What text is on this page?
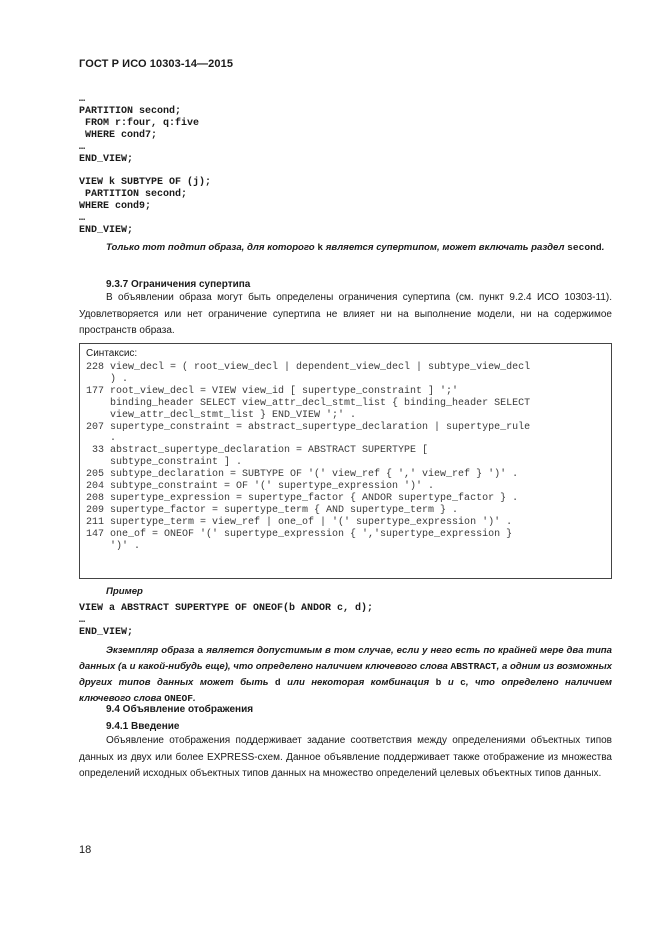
ГОСТ Р ИСО 10303-14—2015
…
PARTITION second;
FROM r:four, q:five
WHERE cond7;
…
END_VIEW;
VIEW k SUBTYPE OF (j);
PARTITION second;
WHERE cond9;
…
END_VIEW;
Только тот подтип образа, для которого k является супертипом, может включать раздел second.
9.3.7 Ограничения супертипа
В объявлении образа могут быть определены ограничения супертипа (см. пункт 9.2.4 ИСО 10303-11). Удовлетворяется или нет ограничение супертипа не влияет ни на выполнение модели, ни на содержимое пространств образа.
Синтаксис:
228 view_decl = ( root_view_decl | dependent_view_decl | subtype_view_decl
) .
177 root_view_decl = VIEW view_id [ supertype_constraint ] ';'
binding_header SELECT view_attr_decl_stmt_list { binding_header SELECT
view_attr_decl_stmt_list } END_VIEW ';' .
207 supertype_constraint = abstract_supertype_declaration | supertype_rule
.
33 abstract_supertype_declaration = ABSTRACT SUPERTYPE [
subtype_constraint ] .
205 subtype_declaration = SUBTYPE OF '(' view_ref { ',' view_ref } ')' .
204 subtype_constraint = OF '(' supertype_expression ')' .
208 supertype_expression = supertype_factor { ANDOR supertype_factor } .
209 supertype_factor = supertype_term { AND supertype_term } .
211 supertype_term = view_ref | one_of | '(' supertype_expression ')' .
147 one_of = ONEOF '(' supertype_expression { ','supertype_expression }
')' .
Пример
VIEW a ABSTRACT SUPERTYPE OF ONEOF(b ANDOR c, d);
…
END_VIEW;
Экземпляр образа a является допустимым в том случае, если у него есть по крайней мере два типа данных (a и какой-нибудь еще), что определено наличием ключевого слова ABSTRACT, а одним из возможных других типов данных может быть d или некоторая комбинация b и c, что определено наличием ключевого слова ONEOF.
9.4 Объявление отображения
9.4.1 Введение
Объявление отображения поддерживает задание соответствия между определениями объектных типов данных из двух или более EXPRESS-схем. Данное объявление поддерживает также отображение из множества определений исходных объектных типов данных на множество определений целевых объектных типов данных.
18
